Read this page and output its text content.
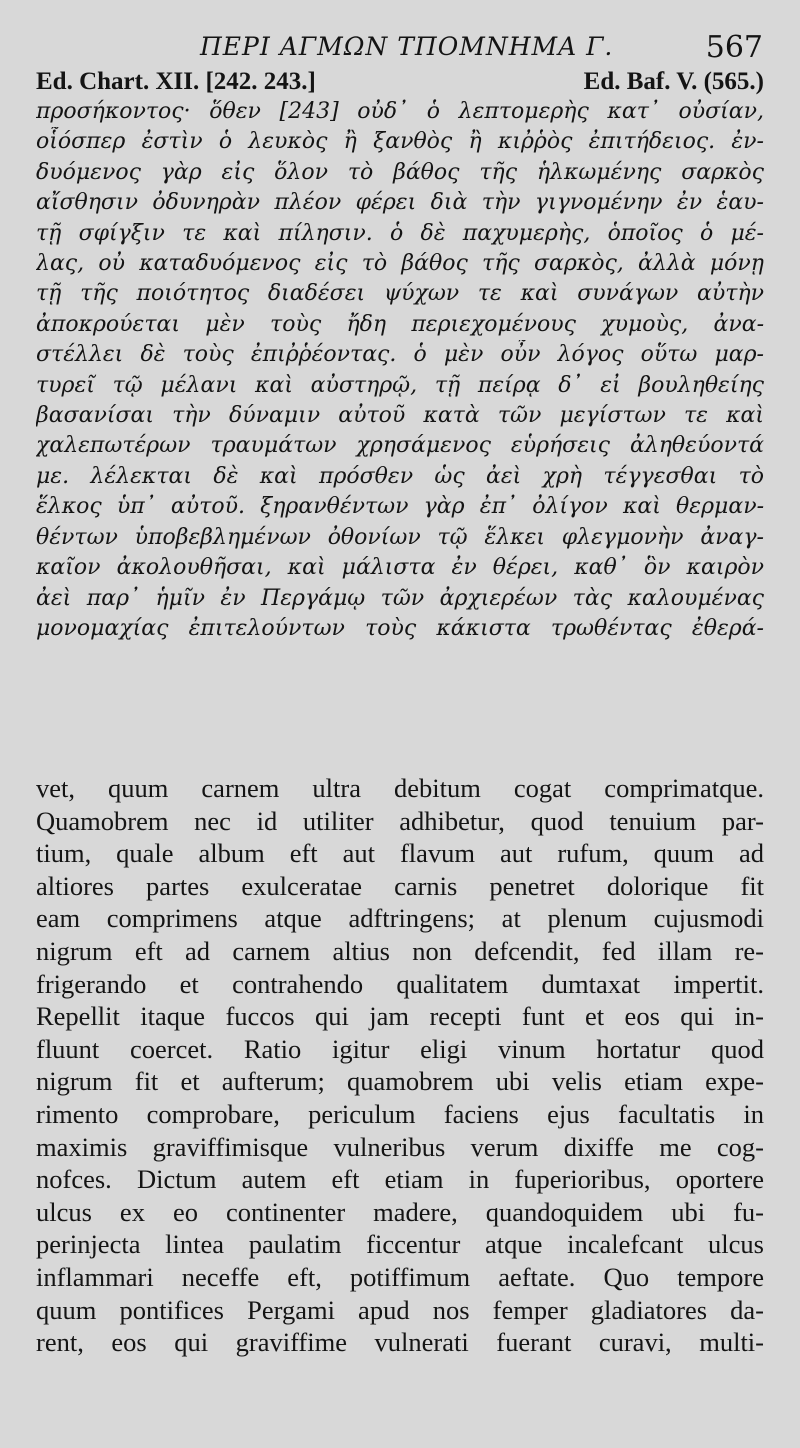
ΠΕΡΙ ΑΓΜΩΝ ΤΠΟΜΝΗΜΑ Γ.	567
Ed. Chart. XII. [242. 243.]	Ed. Baf. V. (565.)
προσήκοντος· ὅθεν [243] οὐδ᾽ ὁ λεπτομερὴς κατ᾽ οὐσίαν,
οἷόσπερ ἐστὶν ὁ λευκὸς ἢ ξανθὸς ἢ κιῤῥὸς ἐπιτήδειος. ἐν-
δυόμενος γὰρ εἰς ὅλον τὸ βάθος τῆς ἡλκωμένης σαρκὸς
αἴσθησιν ὀδυνηρὰν πλέον φέρει διὰ τὴν γιγνομένην ἐν ἑαυ-
τῇ σφίγξιν τε καὶ πίλησιν. ὁ δὲ παχυμερὴς, ὁποῖος ὁ μέ-
λας, οὐ καταδυόμενος εἰς τὸ βάθος τῆς σαρκὸς, ἀλλὰ μόνῃ
τῇ τῆς ποιότητος διαδέσει ψύχων τε καὶ συνάγων αὐτὴν
ἀποκρούεται μὲν τοὺς ἤδη περιεχομένους χυμοὺς, ἀνα-
στέλλει δὲ τοὺς ἐπιῤῥέοντας. ὁ μὲν οὖν λόγος οὕτω μαρ-
τυρεῖ τῷ μέλανι καὶ αὐστηρῷ, τῇ πείρᾳ δ᾽ εἰ βουληθείης
βασανίσαι τὴν δύναμιν αὐτοῦ κατὰ τῶν μεγίστων τε καὶ
χαλεπωτέρων τραυμάτων χρησάμενος εὑρήσεις ἀληθεύοντά
με. λέλεκται δὲ καὶ πρόσθεν ὡς ἀεὶ χρὴ τέγγεσθαι τὸ
ἕλκος ὑπ᾽ αὐτοῦ. ξηρανθέντων γὰρ ἐπ᾽ ὀλίγον καὶ θερμαν-
θέντων ὑποβεβλημένων ὀθονίων τῷ ἕλκει φλεγμονὴν ἀναγ-
καῖον ἀκολουθῆσαι, καὶ μάλιστα ἐν θέρει, καθ᾽ ὃν καιρὸν
ἀεὶ παρ᾽ ἡμῖν ἐν Περγάμῳ τῶν ἀρχιερέων τὰς καλουμένας
μονομαχίας ἐπιτελούντων τοὺς κάκιστα τρωθέντας ἐθερά-
vet, quum carnem ultra debitum cogat comprimatque.
Quamobrem nec id utiliter adhibetur, quod tenuium par-
tium, quale album eft aut flavum aut rufum, quum ad
altiores partes exulceratae carnis penetret dolorique fit
eam comprimens atque adftringens; at plenum cujusmodi
nigrum eft ad carnem altius non defcendit, fed illam re-
frigerando et contrahendo qualitatem dumtaxat impertit.
Repellit itaque fuccos qui jam recepti funt et eos qui in-
fluunt coercet. Ratio igitur eligi vinum hortatur quod
nigrum fit et aufterum; quamobrem ubi velis etiam expe-
rimento comprobare, periculum faciens ejus facultatis in
maximis graviffimisque vulneribus verum dixiffe me cog-
nofces. Dictum autem eft etiam in fuperioribus, oportere
ulcus ex eo continenter madere, quandoquidem ubi fu-
perinjecta lintea paulatim ficcentur atque incalefcant ulcus
inflammari neceffe eft, potiffimum aeftate. Quo tempore
quum pontifices Pergami apud nos femper gladiatores da-
rent, eos qui graviffime vulnerati fuerant curavi, multi-
